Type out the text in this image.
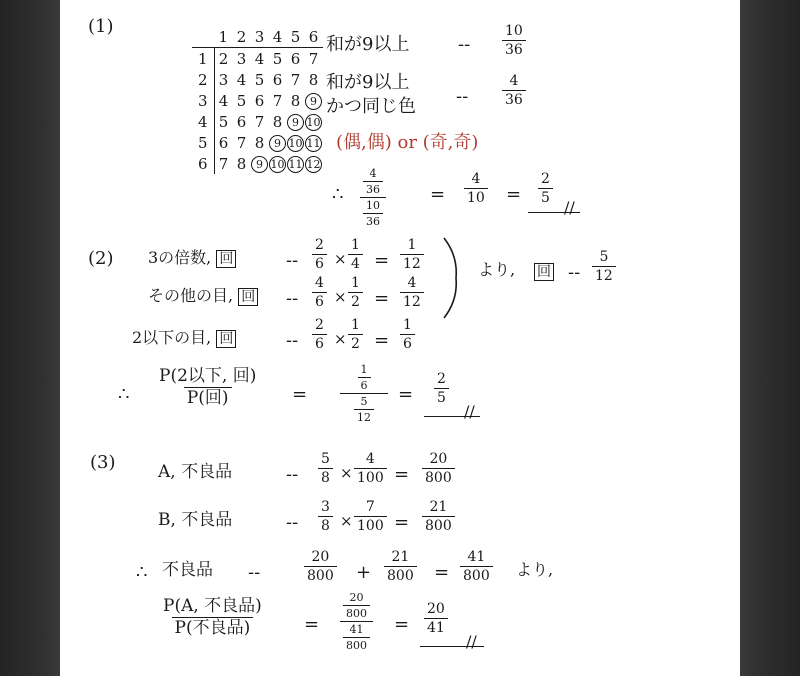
(1)
		1	2	3	4	5	6
1	2	3	4	5	6	7
2	3	4	5	6	7	8
3	4	5	6	7	8	9
4	5	6	7	8	9	10
5	6	7	8	9	10	11
6	7	8	9	10	11	12
和が9以上	-- $\frac{10}{36}$
和が9以上
かつ同じ色 -- $\frac{4}{36}$
(偶,偶) or (奇,奇)
∴ $\frac{\frac{4}{36}}{\frac{10}{36}} = \frac{4}{10} = \frac{2}{5}$
//
(2) 3の倍数, 回	-- $\frac{2}{6} \times \frac{1}{4} = \frac{1}{12}$
その他の目, 回 -- $\frac{4}{6} \times \frac{1}{2} = \frac{4}{12}$
より, 回 -- $\frac{5}{12}$
2以下の目, 回	-- $\frac{2}{6} \times \frac{1}{2} = \frac{1}{6}$
∴
P(2以下, 回)
P(回)	=	$\frac{\frac{1}{6}}{\frac{5}{12}} = \frac{2}{5}$
//
(3)	A, 不良品	-- $\frac{5}{8} \times \frac{4}{100} = \frac{20}{800}$
B, 不良品	-- $\frac{3}{8} \times \frac{7}{100} = \frac{21}{800}$
∴ 不良品 --	$\frac{20}{800} + \frac{21}{800} = \frac{41}{800}$ より,
P(A, 不良品)
P(不良品)	= $\frac{\frac{20}{800}}{\frac{41}{800}} = \frac{20}{41}$
//
